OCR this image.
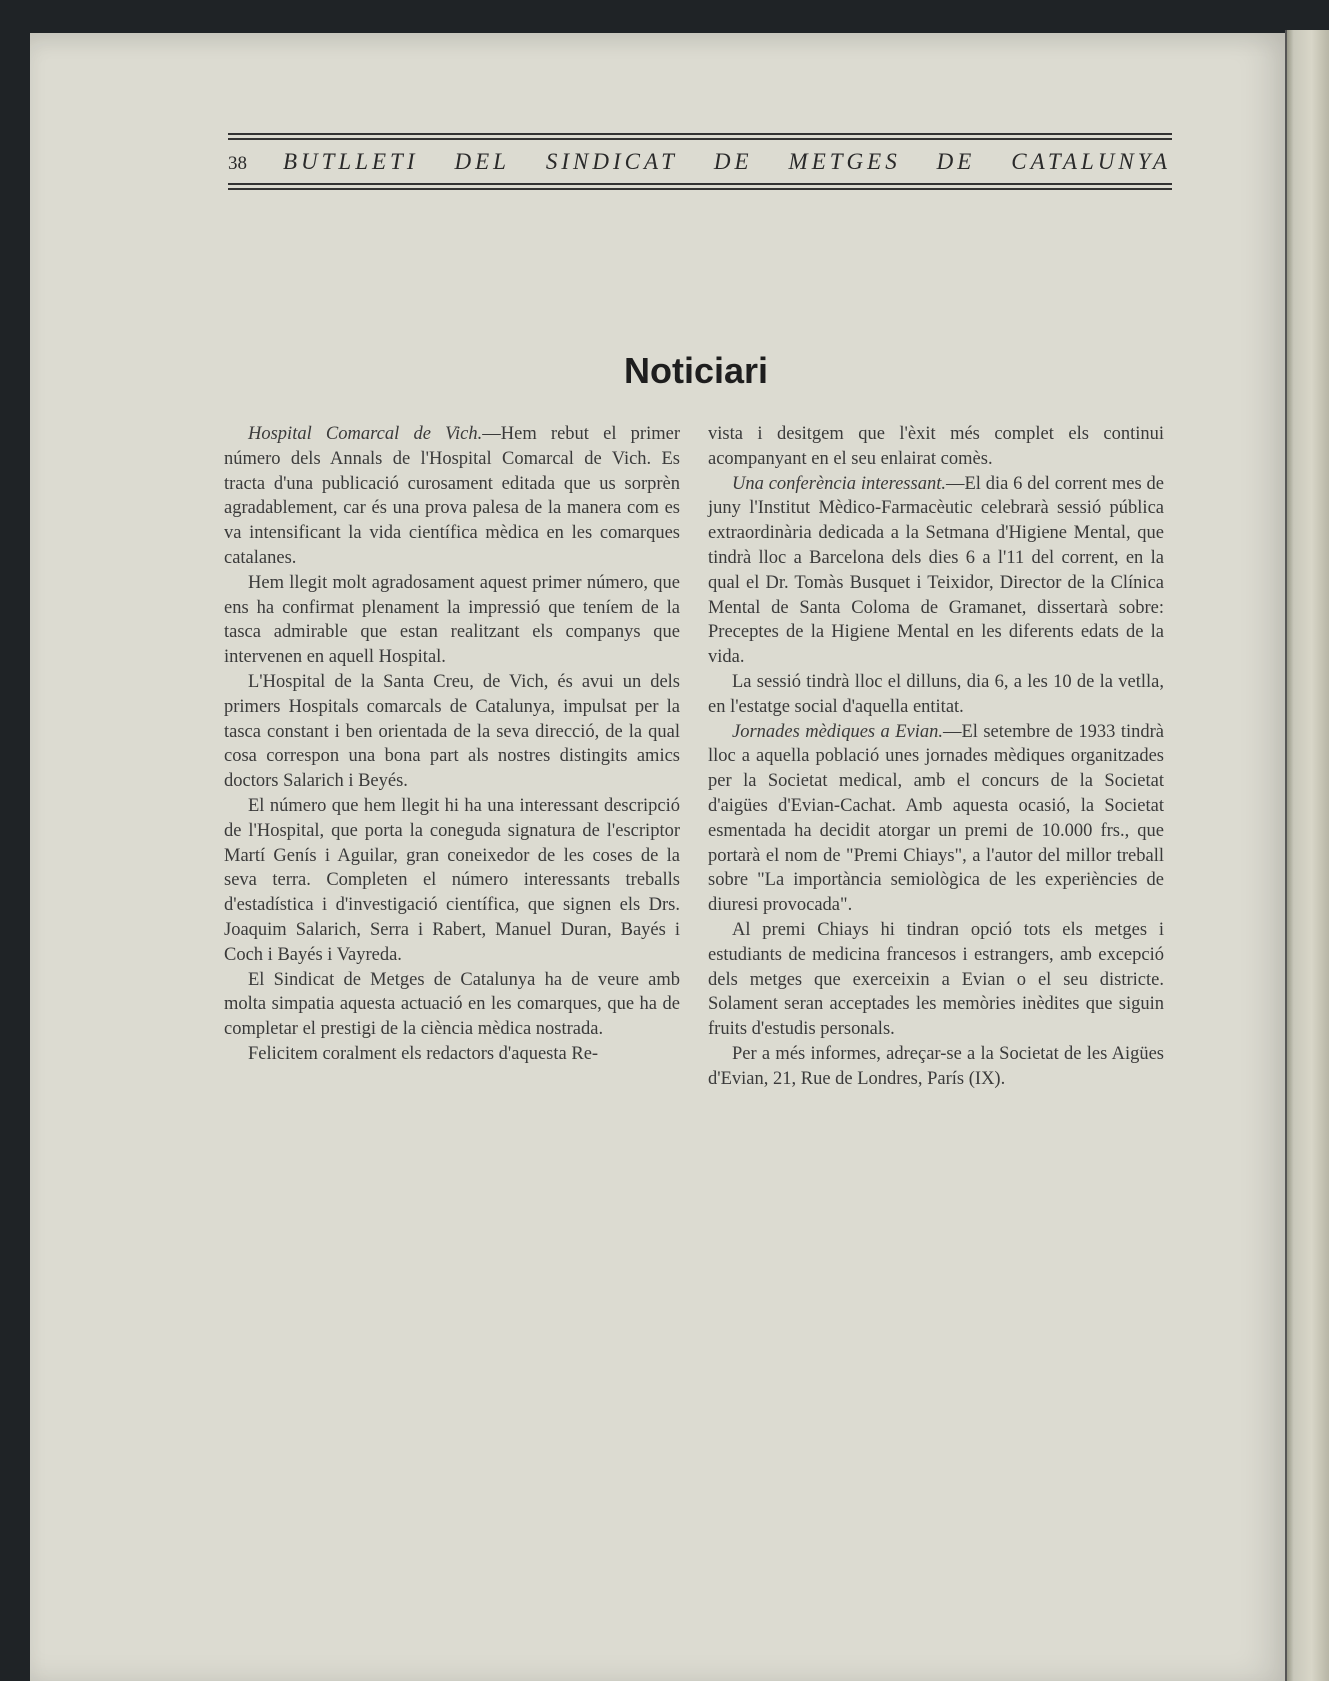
38 BUTLLETI DEL SINDICAT DE METGES DE CATALUNYA
Noticiari

Hospital Comarcal de Vich.—Hem rebut el primer número dels Annals de l'Hospital Comarcal de Vich. Es tracta d'una publicació curosament editada que us sorprèn agradablement, car és una prova palesa de la manera com es va intensificant la vida científica mèdica en les comarques catalanes.

Hem llegit molt agradosament aquest primer número, que ens ha confirmat plenament la impressió que teníem de la tasca admirable que estan realitzant els companys que intervenen en aquell Hospital.

L'Hospital de la Santa Creu, de Vich, és avui un dels primers Hospitals comarcals de Catalunya, impulsat per la tasca constant i ben orientada de la seva direcció, de la qual cosa correspon una bona part als nostres distingits amics doctors Salarich i Beyés.

El número que hem llegit hi ha una interessant descripció de l'Hospital, que porta la coneguda signatura de l'escriptor Martí Genís i Aguilar, gran coneixedor de les coses de la seva terra. Completen el número interessants treballs d'estadística i d'investigació científica, que signen els Drs. Joaquim Salarich, Serra i Rabert, Manuel Duran, Bayés i Coch i Bayés i Vayreda.

El Sindicat de Metges de Catalunya ha de veure amb molta simpatia aquesta actuació en les comarques, que ha de completar el prestigi de la ciència mèdica nostrada.

Felicitem coralment els redactors d'aquesta Re-

vista i desitgem que l'èxit més complet els continui acompanyant en el seu enlairat comès.

Una conferència interessant.—El dia 6 del corrent mes de juny l'Institut Mèdico-Farmacèutic celebrarà sessió pública extraordinària dedicada a la Setmana d'Higiene Mental, que tindrà lloc a Barcelona dels dies 6 a l'11 del corrent, en la qual el Dr. Tomàs Busquet i Teixidor, Director de la Clínica Mental de Santa Coloma de Gramanet, dissertarà sobre: Preceptes de la Higiene Mental en les diferents edats de la vida.

La sessió tindrà lloc el dilluns, dia 6, a les 10 de la vetlla, en l'estatge social d'aquella entitat.

Jornades mèdiques a Evian.—El setembre de 1933 tindrà lloc a aquella població unes jornades mèdiques organitzades per la Societat medical, amb el concurs de la Societat d'aigües d'Evian-Cachat. Amb aquesta ocasió, la Societat esmentada ha decidit atorgar un premi de 10.000 frs., que portarà el nom de "Premi Chiays", a l'autor del millor treball sobre "La importància semiològica de les experiències de diuresi provocada".

Al premi Chiays hi tindran opció tots els metges i estudiants de medicina francesos i estrangers, amb excepció dels metges que exerceixin a Evian o el seu districte. Solament seran acceptades les memòries inèdites que siguin fruits d'estudis personals.

Per a més informes, adreçar-se a la Societat de les Aigües d'Evian, 21, Rue de Londres, París (IX).
